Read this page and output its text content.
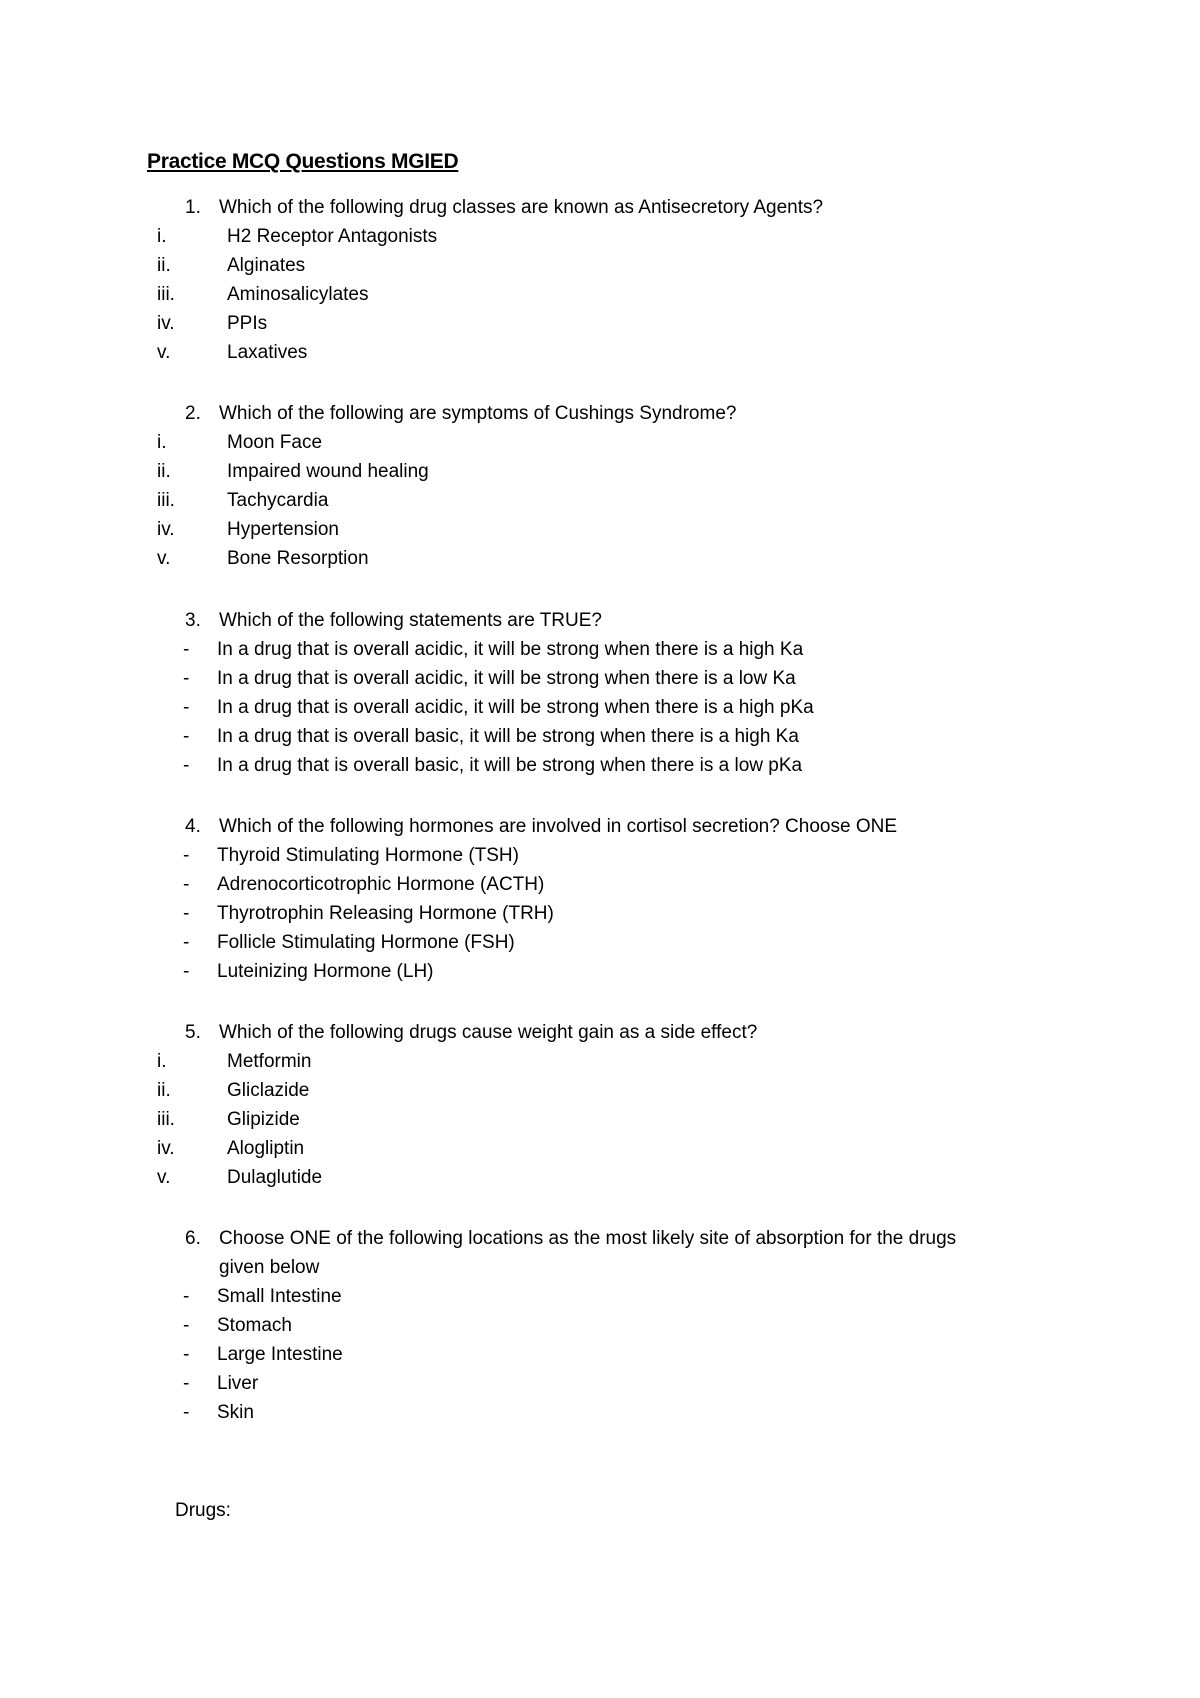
Practice MCQ Questions MGIED
1. Which of the following drug classes are known as Antisecretory Agents?
i.	H2 Receptor Antagonists
ii.	Alginates
iii.	Aminosalicylates
iv.	PPIs
v.	Laxatives
2. Which of the following are symptoms of Cushings Syndrome?
i.	Moon Face
ii.	Impaired wound healing
iii.	Tachycardia
iv.	Hypertension
v.	Bone Resorption
3. Which of the following statements are TRUE?
-	In a drug that is overall acidic, it will be strong when there is a high Ka
-	In a drug that is overall acidic, it will be strong when there is a low Ka
-	In a drug that is overall acidic, it will be strong when there is a high pKa
-	In a drug that is overall basic, it will be strong when there is a high Ka
-	In a drug that is overall basic, it will be strong when there is a low pKa
4. Which of the following hormones are involved in cortisol secretion? Choose ONE
-	Thyroid Stimulating Hormone (TSH)
-	Adrenocorticotrophic Hormone (ACTH)
-	Thyrotrophin Releasing Hormone (TRH)
-	Follicle Stimulating Hormone (FSH)
-	Luteinizing Hormone (LH)
5. Which of the following drugs cause weight gain as a side effect?
i.	Metformin
ii.	Gliclazide
iii.	Glipizide
iv.	Alogliptin
v.	Dulaglutide
6. Choose ONE of the following locations as the most likely site of absorption for the drugs
given below
-	Small Intestine
-	Stomach
-	Large Intestine
-	Liver
-	Skin
Drugs:
